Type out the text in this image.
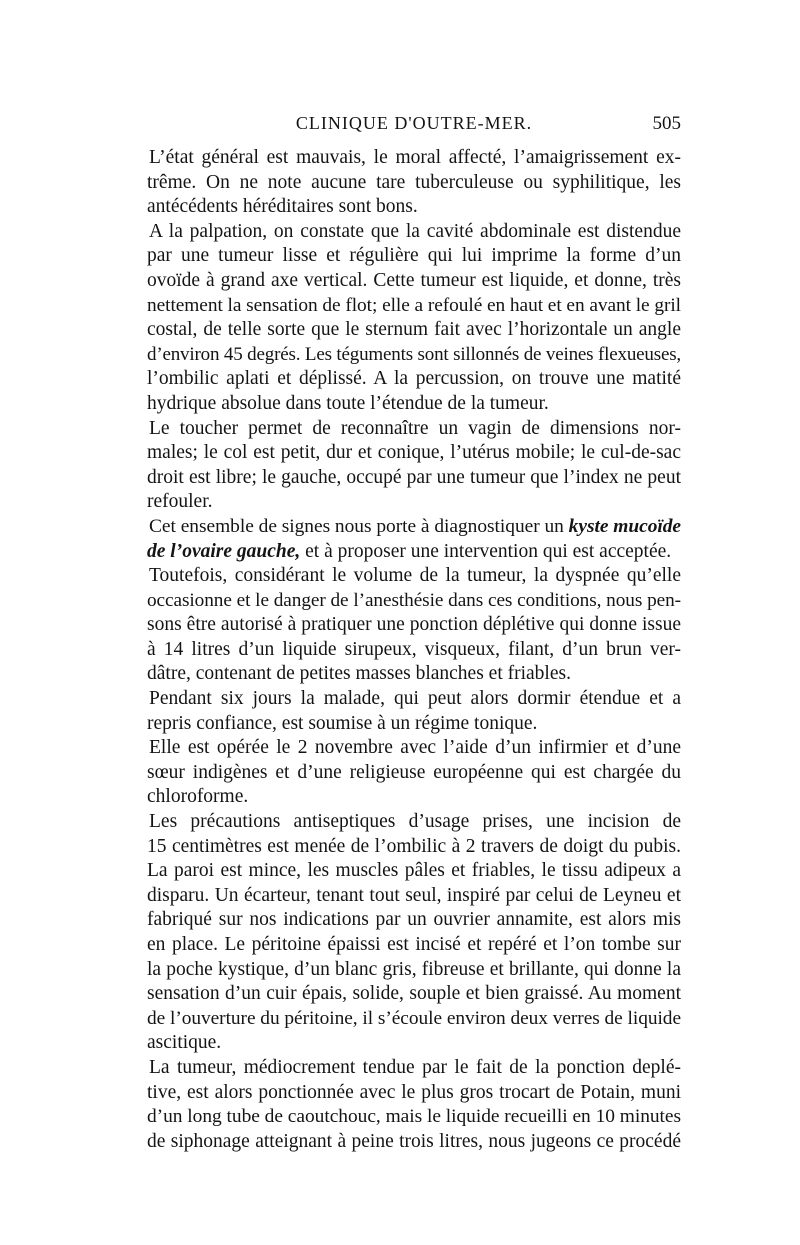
CLINIQUE D'OUTRE-MER.	505

L’état général est mauvais, le moral affecté, l’amaigrissement ex-
trême. On ne note aucune tare tuberculeuse ou syphilitique, les
antécédents héréditaires sont bons.

A la palpation, on constate que la cavité abdominale est distendue
par une tumeur lisse et régulière qui lui imprime la forme d’un
ovoïde à grand axe vertical. Cette tumeur est liquide, et donne, très
nettement la sensation de flot; elle a refoulé en haut et en avant le gril
costal, de telle sorte que le sternum fait avec l’horizontale un angle
d’environ 45 degrés. Les téguments sont sillonnés de veines flexueuses,
l’ombilic aplati et déplissé. A la percussion, on trouve une matité
hydrique absolue dans toute l’étendue de la tumeur.

Le toucher permet de reconnaître un vagin de dimensions nor-
males; le col est petit, dur et conique, l’utérus mobile; le cul-de-sac
droit est libre; le gauche, occupé par une tumeur que l’index ne peut
refouler.

Cet ensemble de signes nous porte à diagnostiquer un kyste mucoïde
de l’ovaire gauche, et à proposer une intervention qui est acceptée.

Toutefois, considérant le volume de la tumeur, la dyspnée qu’elle
occasionne et le danger de l’anesthésie dans ces conditions, nous pen-
sons être autorisé à pratiquer une ponction déplétive qui donne issue
à 14 litres d’un liquide sirupeux, visqueux, filant, d’un brun ver-
dâtre, contenant de petites masses blanches et friables.

Pendant six jours la malade, qui peut alors dormir étendue et a
repris confiance, est soumise à un régime tonique.

Elle est opérée le 2 novembre avec l’aide d’un infirmier et d’une
sœur indigènes et d’une religieuse européenne qui est chargée du
chloroforme.

Les précautions antiseptiques d’usage prises, une incision de
15 centimètres est menée de l’ombilic à 2 travers de doigt du pubis.
La paroi est mince, les muscles pâles et friables, le tissu adipeux a
disparu. Un écarteur, tenant tout seul, inspiré par celui de Leyneu et
fabriqué sur nos indications par un ouvrier annamite, est alors mis
en place. Le péritoine épaissi est incisé et repéré et l’on tombe sur
la poche kystique, d’un blanc gris, fibreuse et brillante, qui donne la
sensation d’un cuir épais, solide, souple et bien graissé. Au moment
de l’ouverture du péritoine, il s’écoule environ deux verres de liquide
ascitique.

La tumeur, médiocrement tendue par le fait de la ponction deplé-
tive, est alors ponctionnée avec le plus gros trocart de Potain, muni
d’un long tube de caoutchouc, mais le liquide recueilli en 10 minutes
de siphonage atteignant à peine trois litres, nous jugeons ce procédé
